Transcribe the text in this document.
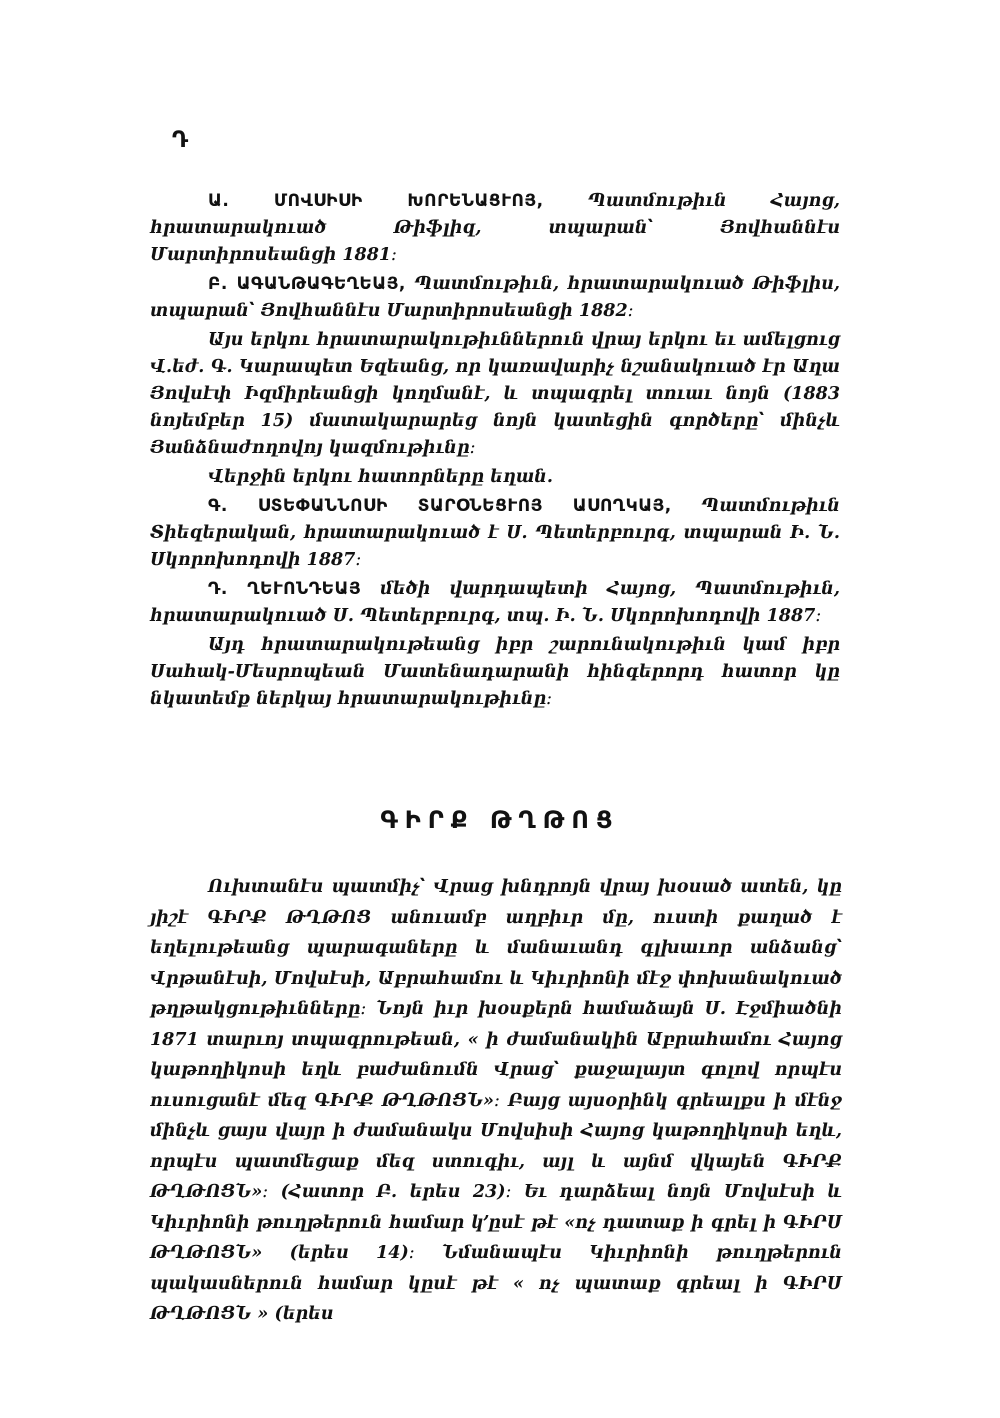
Դ

Ա. ՄՈՎՍԻՍԻ ԽՈՐԵՆԱՑՒՈՅ,	Պատմութիւն Հայոց, հրատարակուած Թիֆլիզ, տպարան՝ Յովհաննէս Մարտիրոսեանցի 1881։

Բ. ԱԳԱՆԹԱԳԵՂԵԱՅ, Պատմութիւն, հրատարակուած Թիֆլիս, տպարան՝ Յովհաննէս Մարտիրոսեանցի 1882։

Այս երկու հրատարակութիւններուն վրայ երկու եւ ամելցուց Վ.եժ. Գ. Կարապետ Եզեանց, որ կառավարիչ նշանակուած էր Աղա Յովսէփ Իզմիրեանցի կողմանէ, և տպագրել տուաւ նոյն (1883 նոյեմբեր 15) մատակարարեց նոյն կատեցին գործերը՝ մինչև Յանձնաժողովոյ կազմութիւնը։

Վերջին երկու հատորները եղան.

Գ. ՍՏԵՓԱՆՆՈՍԻ ՏԱՐՕՆԵՑՒՈՅ ԱՍՈՂԿԱՅ, Պատմութիւն Տիեզերական, հրատարակուած է Ս. Պետերբուրգ, տպարան Ի. Ն. Սկորոխոդովի 1887։

Դ. ՂԵՒՈՆԴԵԱՅ մեծի վարդապետի Հայոց, Պատմութիւն, հրատարակուած Ս. Պետերբուրգ, տպ. Ի. Ն. Սկորոխոդովի 1887։

Այդ հրատարակութեանց իբր շարունակութիւն կամ իբր Սահակ-Մեսրոպեան Մատենադարանի հինգերորդ հատոր կը նկատեմք ներկայ հրատարակութիւնը։

ԳԻՐՔ ԹՂԹՈՑ

Ուխտանէս պատմիչ՝ Վրաց խնդրոյն վրայ խօսած ատեն, կը յիշէ ԳԻՐՔ ԹՂԹՈՑ անուամբ աղբիւր մը, ուստի քաղած է եղելութեանց պարագաները և մանաւանդ գլխաւոր անձանց՝ Վրթանէսի, Մովսէսի, Աբրահամու և Կիւրիոնի մէջ փոխանակուած թղթակցութիւնները։ Նոյն իւր խօսքերն համաձայն Ս. Էջմիածնի 1871 տարւոյ տպագրութեան, « ի ժամանակին Աբրահամու Հայոց կաթողիկոսի եղև բաժանումն Վրաց՝ քաջալայտ գոլով որպէս ուսուցանէ մեզ ԳԻՐՔ ԹՂԹՈՑՆ»։ Բայց այսօրինկ գրեալքս ի մէնջ մինչև ցայս վայր ի ժամանակս Մովսիսի Հայոց կաթողիկոսի եղև, որպէս պատմեցաք մեզ ստուգիւ, այլ և այնմ վկայեն ԳԻՐՔ ԹՂԹՈՑՆ»։ (Հատոր Բ. երես 23)։ Եւ դարձեալ նոյն Մովսէսի և Կիւրիոնի թուղթերուն համար կ՚ըսէ թէ «ոչ դատաք ի գրել ի ԳԻՐՍ ԹՂԹՈՑՆ» (երես 14)։ Նմանապէս Կիւրիոնի թուղթերուն պակասներուն համար կըսէ թէ « ոչ պատաք գրեալ ի ԳԻՐՍ ԹՂԹՈՑՆ » (երես
